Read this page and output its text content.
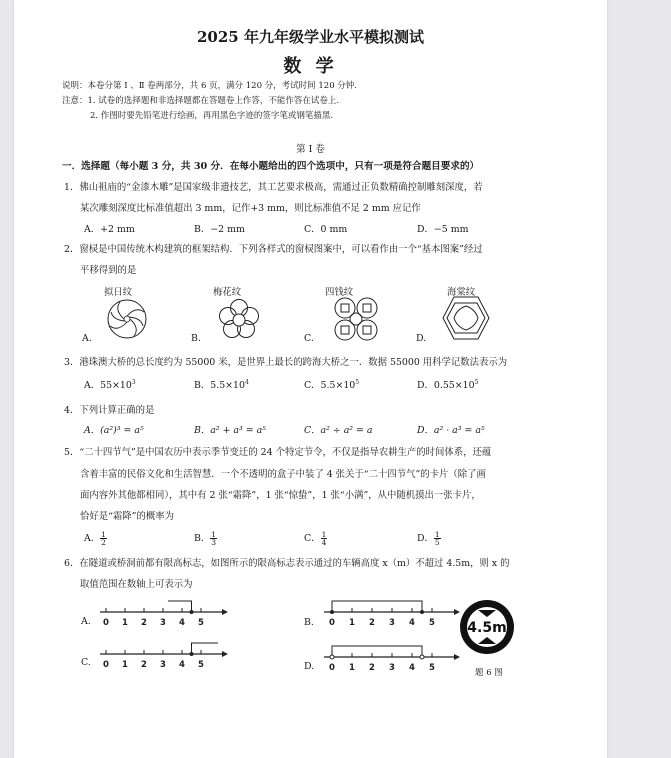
2025 年九年级学业水平模拟测试
数 学
说明：本卷分第 Ⅰ 、Ⅱ 卷两部分，共 6 页，满分 120 分，考试时间 120 分钟.
注意：1. 试卷的选择题和非选择题都在答题卷上作答，不能作答在试卷上.
2. 作图时要先铅笔进行绘画，再用黑色字迹的签字笔或钢笔描黑.
第 Ⅰ 卷
一．选择题（每小题 3 分，共 30 分．在每小题给出的四个选项中，只有一项是符合题目要求的）
1．佛山祖庙的“金漆木雕”是国家级非遗技艺，其工艺要求极高，需通过正负数精确控制雕刻深度，若
某次雕刻深度比标准值超出 3 mm，记作+3 mm，则比标准值不足 2 mm 应记作
A．+2 mm	B．−2 mm	C．0 mm	D．−5 mm
2．窗棂是中国传统木构建筑的框架结构．下列各样式的窗棂图案中，可以看作由一个“基本图案”经过
平移得到的是
拟日纹	梅花纹	四钱纹	海棠纹
A.	B.	C.	D.
3．港珠澳大桥的总长度约为 55000 米，是世界上最长的跨海大桥之一．数据 55000 用科学记数法表示为
A．$55\times 10^3$	B．$5.5\times 10^4$	C．$5.5\times 10^5$	D．$0.55\times 10^5$
4．下列计算正确的是
A．(a²)³ = a⁵	B．a² + a³ = a⁵	C．a² ÷ a² = a	D．a² · a³ = a⁵
5．“二十四节气”是中国农历中表示季节变迁的 24 个特定节令，不仅是指导农耕生产的时间体系，还蕴
含着丰富的民俗文化和生活智慧．一个不透明的盒子中装了 4 张关于“二十四节气”的卡片（除了画
面内容外其他都相同），其中有 2 张“霜降”，1 张“惊蛰”，1 张“小满”，从中随机摸出一张卡片，
恰好是“霜降”的概率为
A． $\frac{1}{2}$	B． $\frac{1}{3}$	C． $\frac{1}{4}$	D． $\frac{1}{5}$
6．在隧道或桥洞前都有限高标志，如图所示的限高标志表示通过的车辆高度 x（m）不超过 4.5m，则 x 的
取值范围在数轴上可表示为
A. 0 1 2 3 4 5	B. 0 1 2 3 4 5
C. 0 1 2 3 4 5	D. 0 1 2 3 4 5
4.5m
题 6 图
